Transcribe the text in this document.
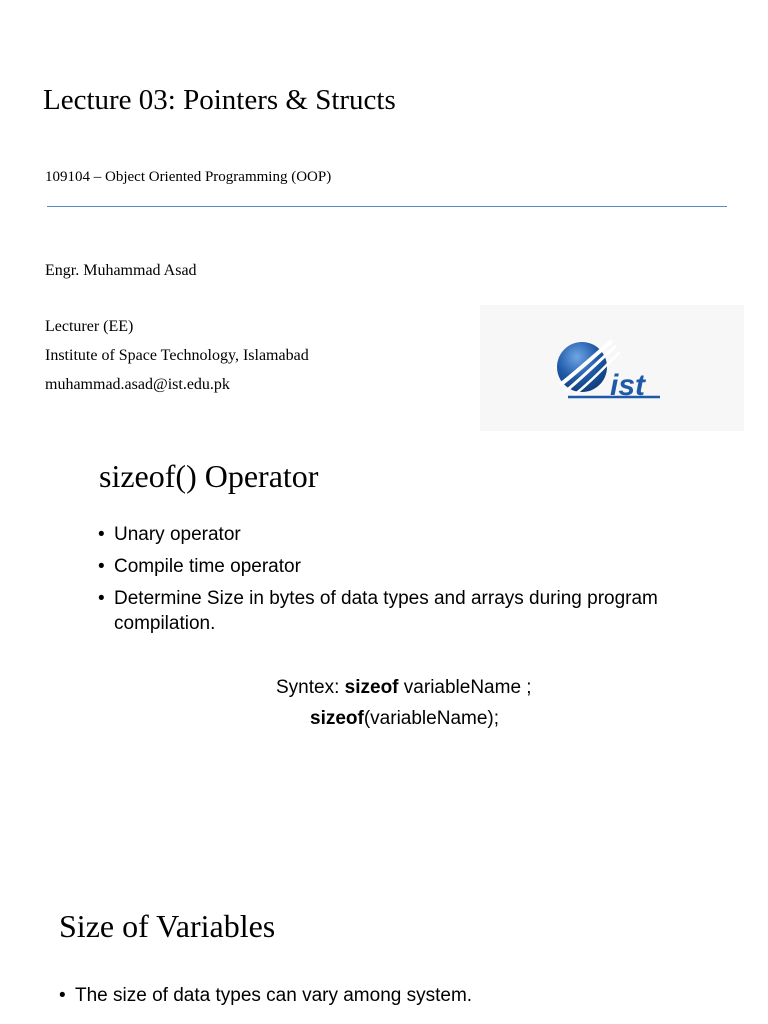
Lecture 03: Pointers & Structs
109104 – Object Oriented Programming (OOP)
Engr. Muhammad Asad
Lecturer (EE)
Institute of Space Technology, Islamabad
muhammad.asad@ist.edu.pk	ist
sizeof() Operator
• Unary operator
• Compile time operator
• Determine Size in bytes of data types and arrays during program compilation.
Syntex: sizeof variableName ;
sizeof(variableName);
Size of Variables
• The size of data types can vary among system.
